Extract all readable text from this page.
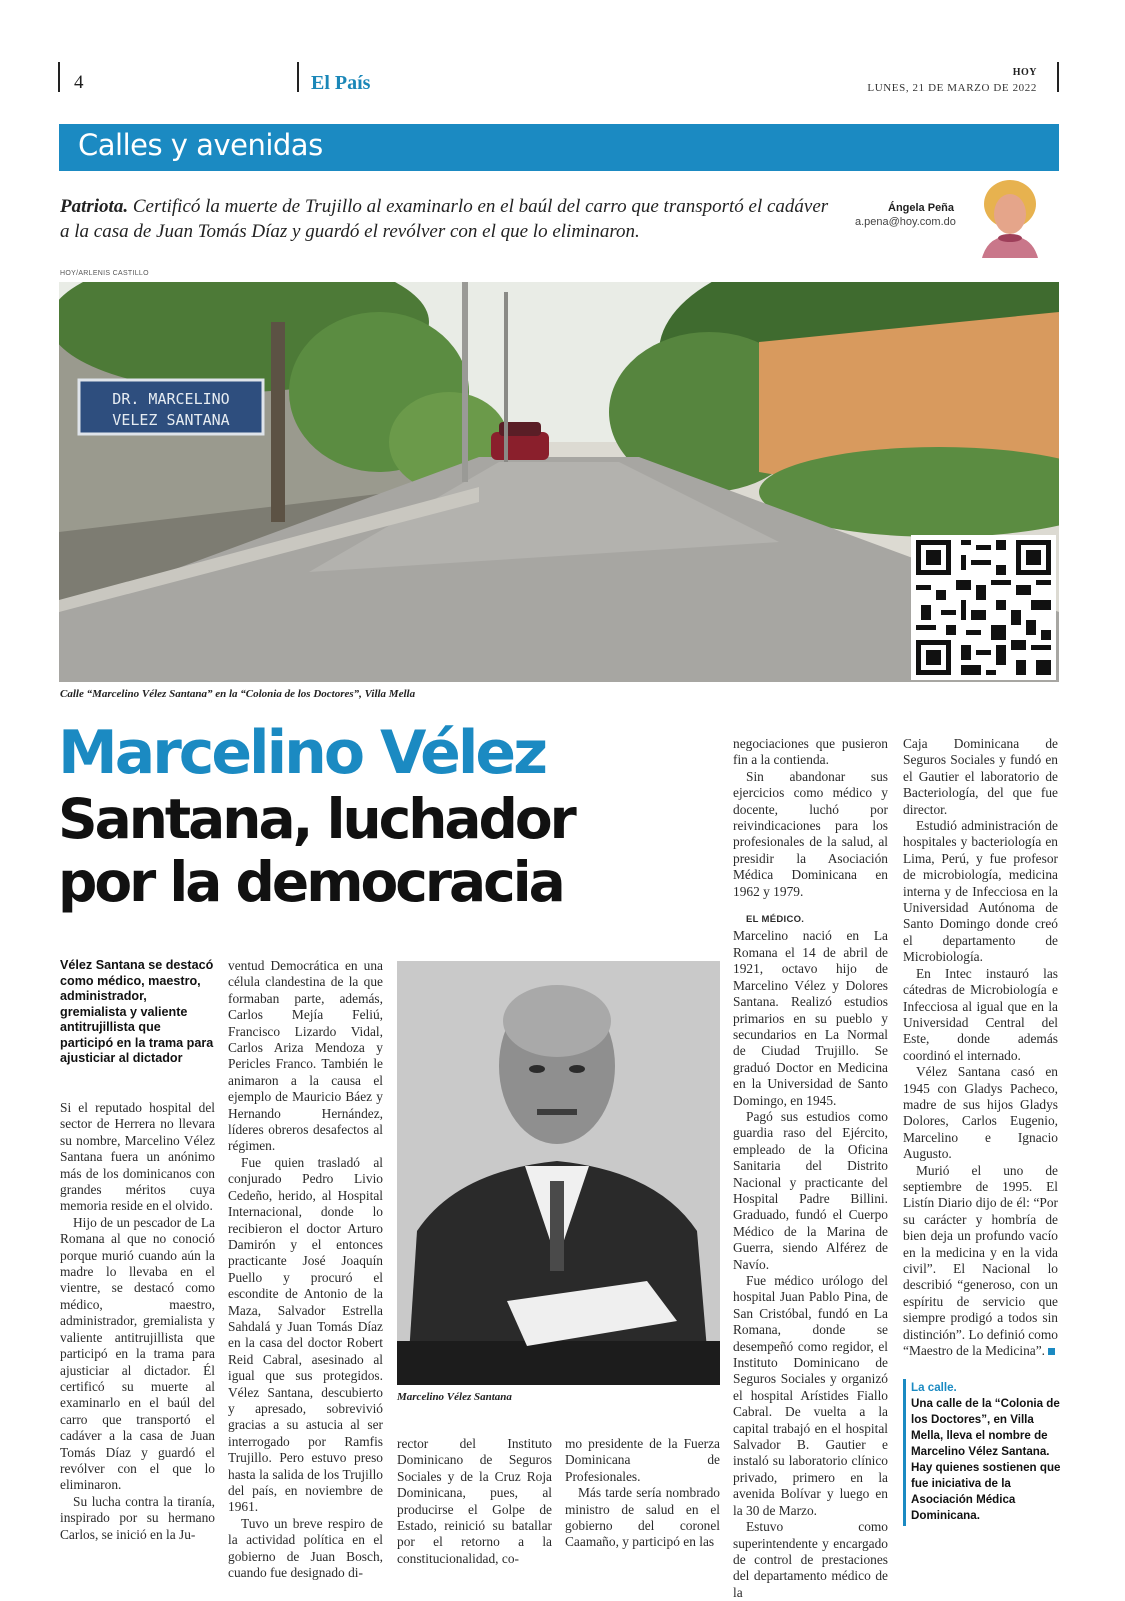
4	El País	HOY
LUNES, 21 DE MARZO DE 2022
Calles y avenidas
Patriota. Certificó la muerte de Trujillo al examinarlo en el baúl del carro que transportó el cadáver a la casa de Juan Tomás Díaz y guardó el revólver con el que lo eliminaron.
Ángela Peña
a.pena@hoy.com.do
HOY/ARLENIS CASTILLO
DR. MARCELINO
VELEZ SANTANA
Calle “Marcelino Vélez Santana” en la “Colonia de los Doctores”, Villa Mella
Marcelino Vélez
Santana, luchador
por la democracia
Vélez Santana se destacó como médico, maestro, administrador, gremialista y valiente antitrujillista que participó en la trama para ajusticiar al dictador

Si el reputado hospital del sector de Herrera no llevara su nombre, Marcelino Vélez Santana fuera un anónimo más de los dominicanos con grandes méritos cuya memoria reside en el olvido.

Hijo de un pescador de La Romana al que no conoció porque murió cuando aún la madre lo llevaba en el vientre, se destacó como médico, maestro, administrador, gremialista y valiente antitrujillista que participó en la trama para ajusticiar al dictador. Él certificó su muerte al examinarlo en el baúl del carro que transportó el cadáver a la casa de Juan Tomás Díaz y guardó el revólver con el que lo eliminaron.

Su lucha contra la tiranía, inspirado por su hermano Carlos, se inició en la Ju-

ventud Democrática en una célula clandestina de la que formaban parte, además, Carlos Mejía Feliú, Francisco Lizardo Vidal, Carlos Ariza Mendoza y Pericles Franco. También le animaron a la causa el ejemplo de Mauricio Báez y Hernando Hernández, líderes obreros desafectos al régimen.

Fue quien trasladó al conjurado Pedro Livio Cedeño, herido, al Hospital Internacional, donde lo recibieron el doctor Arturo Damirón y el entonces practicante José Joaquín Puello y procuró el escondite de Antonio de la Maza, Salvador Estrella Sahdalá y Juan Tomás Díaz en la casa del doctor Robert Reid Cabral, asesinado al igual que sus protegidos. Vélez Santana, descubierto y apresado, sobrevivió gracias a su astucia al ser interrogado por Ramfis Trujillo. Pero estuvo preso hasta la salida de los Trujillo del país, en noviembre de 1961.

Tuvo un breve respiro de la actividad política en el gobierno de Juan Bosch, cuando fue designado di-

Marcelino Vélez Santana

rector del Instituto Dominicano de Seguros Sociales y de la Cruz Roja Dominicana, pues, al producirse el Golpe de Estado, reinició su batallar por el retorno a la constitucionalidad, co-

mo presidente de la Fuerza Dominicana de Profesionales.

Más tarde sería nombrado ministro de salud en el gobierno del coronel Caamaño, y participó en las

negociaciones que pusieron fin a la contienda.

Sin abandonar sus ejercicios como médico y docente, luchó por reivindicaciones para los profesionales de la salud, al presidir la Asociación Médica Dominicana en 1962 y 1979.

EL MÉDICO.

Marcelino nació en La Romana el 14 de abril de 1921, octavo hijo de Marcelino Vélez y Dolores Santana. Realizó estudios primarios en su pueblo y secundarios en La Normal de Ciudad Trujillo. Se graduó Doctor en Medicina en la Universidad de Santo Domingo, en 1945.

Pagó sus estudios como guardia raso del Ejército, empleado de la Oficina Sanitaria del Distrito Nacional y practicante del Hospital Padre Billini. Graduado, fundó el Cuerpo Médico de la Marina de Guerra, siendo Alférez de Navío.

Fue médico urólogo del hospital Juan Pablo Pina, de San Cristóbal, fundó en La Romana, donde se desempeñó como regidor, el Instituto Dominicano de Seguros Sociales y organizó el hospital Arístides Fiallo Cabral. De vuelta a la capital trabajó en el hospital Salvador B. Gautier e instaló su laboratorio clínico privado, primero en la avenida Bolívar y luego en la 30 de Marzo.

Estuvo como superintendente y encargado de control de prestaciones del departamento médico de la

Caja Dominicana de Seguros Sociales y fundó en el Gautier el laboratorio de Bacteriología, del que fue director.

Estudió administración de hospitales y bacteriología en Lima, Perú, y fue profesor de microbiología, medicina interna y de Infecciosa en la Universidad Autónoma de Santo Domingo donde creó el departamento de Microbiología.

En Intec instauró las cátedras de Microbiología e Infecciosa al igual que en la Universidad Central del Este, donde además coordinó el internado.

Vélez Santana casó en 1945 con Gladys Pacheco, madre de sus hijos Gladys Dolores, Carlos Eugenio, Marcelino e Ignacio Augusto.

Murió el uno de septiembre de 1995. El Listín Diario dijo de él: “Por su carácter y hombría de bien deja un profundo vacío en la medicina y en la vida civil”. El Nacional lo describió “generoso, con un espíritu de servicio que siempre prodigó a todos sin distinción”. Lo definió como “Maestro de la Medicina”.

La calle.
Una calle de la “Colonia de los Doctores”, en Villa Mella, lleva el nombre de Marcelino Vélez Santana. Hay quienes sostienen que fue iniciativa de la Asociación Médica Dominicana.
